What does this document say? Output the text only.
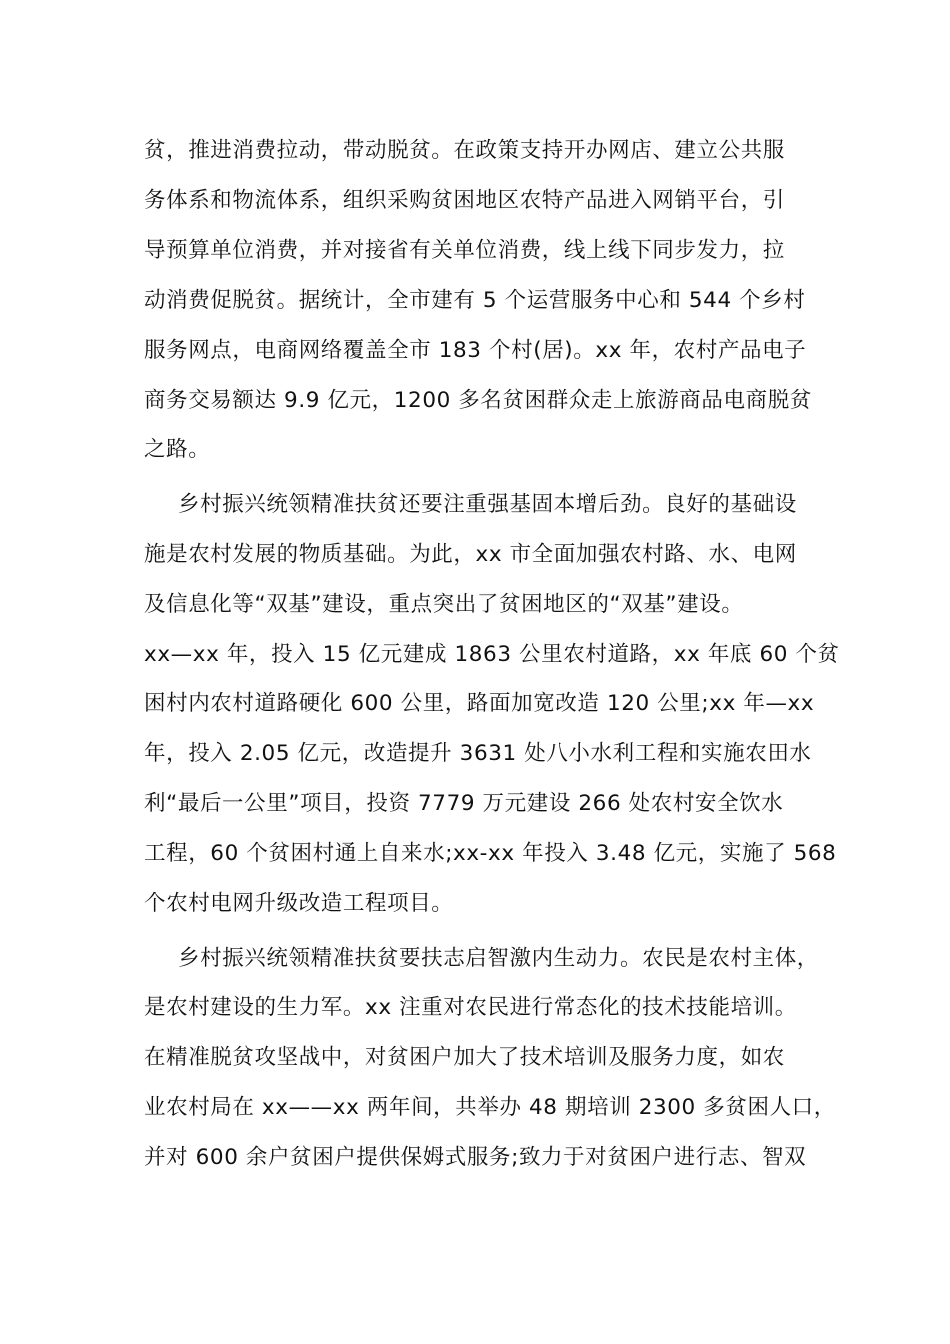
贫，推进消费拉动，带动脱贫。在政策支持开办网店、建立公共服
务体系和物流体系，组织采购贫困地区农特产品进入网销平台，引
导预算单位消费，并对接省有关单位消费，线上线下同步发力，拉
动消费促脱贫。据统计，全市建有 5 个运营服务中心和 544 个乡村
服务网点，电商网络覆盖全市 183 个村(居)。xx 年，农村产品电子
商务交易额达 9.9 亿元，1200 多名贫困群众走上旅游商品电商脱贫
之路。
乡村振兴统领精准扶贫还要注重强基固本增后劲。良好的基础设
施是农村发展的物质基础。为此，xx 市全面加强农村路、水、电网
及信息化等“双基”建设，重点突出了贫困地区的“双基”建设。
xx—xx 年，投入 15 亿元建成 1863 公里农村道路，xx 年底 60 个贫
困村内农村道路硬化 600 公里，路面加宽改造 120 公里;xx 年—xx
年，投入 2.05 亿元，改造提升 3631 处八小水利工程和实施农田水
利“最后一公里”项目，投资 7779 万元建设 266 处农村安全饮水
工程，60 个贫困村通上自来水;xx-xx 年投入 3.48 亿元，实施了 568
个农村电网升级改造工程项目。
乡村振兴统领精准扶贫要扶志启智激内生动力。农民是农村主体，
是农村建设的生力军。xx 注重对农民进行常态化的技术技能培训。
在精准脱贫攻坚战中，对贫困户加大了技术培训及服务力度，如农
业农村局在 xx——xx 两年间，共举办 48 期培训 2300 多贫困人口，
并对 600 余户贫困户提供保姆式服务;致力于对贫困户进行志、智双
